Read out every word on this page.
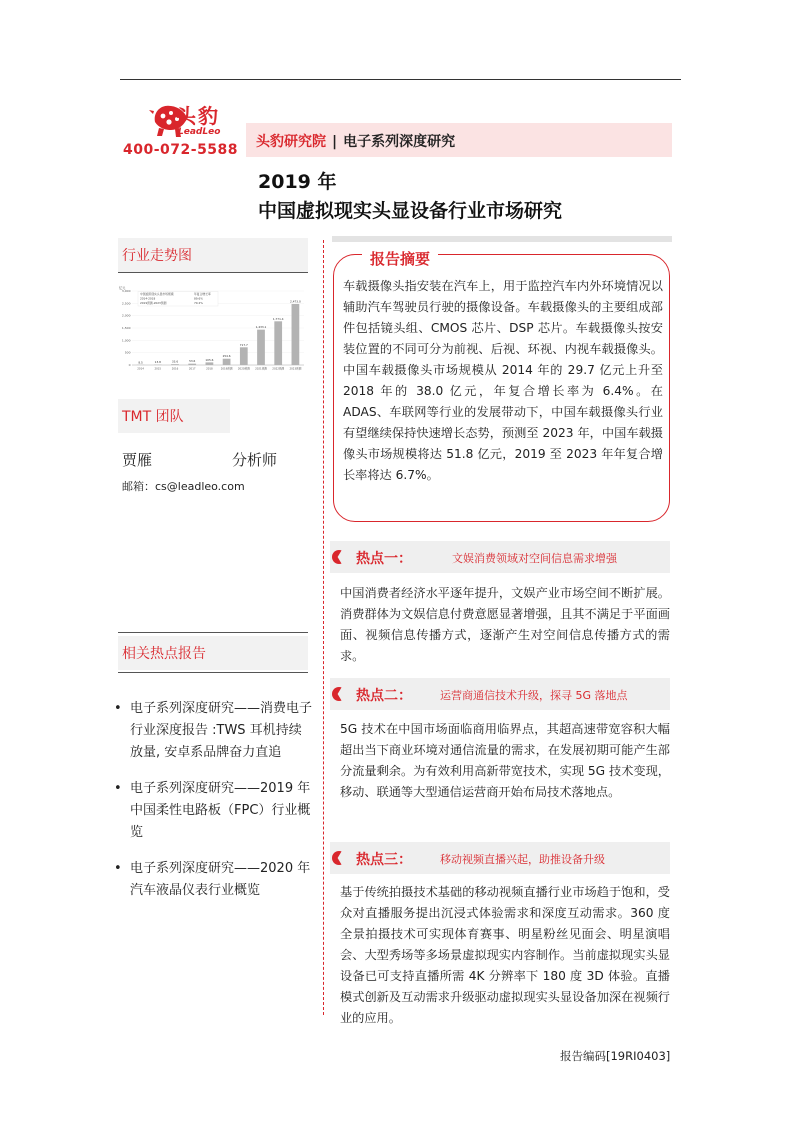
头豹
LeadLeo
400-072-5588 头豹研究院 | 电子系列深度研究
2019 年
中国虚拟现实头显设备行业市场研究
行业走势图
亿元
0
500
1,000
1,500
2,000
2,500
3,000
8.5
2014
13.8
2015
33.6
2016
53.6
2017
105.6
2018
254.6
2019预测
717.7
2020预测
1,433.1
2021预测
1,771.4
2022预测
2,473.0
2023预测
中国虚拟现实头显市场规模	年复合增长率
2014-2018	89.6%
2019预测-2023预测	70.2%
TMT 团队
贾雁	分析师
邮箱：cs@leadleo.com
相关热点报告
• 电子系列深度研究——消费电子行业深度报告 :TWS 耳机持续放量, 安卓系品牌奋力直追
• 电子系列深度研究——2019 年中国柔性电路板（FPC）行业概览
• 电子系列深度研究——2020 年汽车液晶仪表行业概览
报告摘要
车载摄像头指安装在汽车上，用于监控汽车内外环境情况以辅助汽车驾驶员行驶的摄像设备。车载摄像头的主要组成部件包括镜头组、CMOS 芯片、DSP 芯片。车载摄像头按安装位置的不同可分为前视、后视、环视、内视车载摄像头。中国车载摄像头市场规模从 2014 年的 29.7 亿元上升至 2018 年的 38.0 亿元，年复合增长率为 6.4%。在 ADAS、车联网等行业的发展带动下，中国车载摄像头行业有望继续保持快速增长态势，预测至 2023 年，中国车载摄像头市场规模将达 51.8 亿元，2019 至 2023 年年复合增长率将达 6.7%。
热点一：	文娱消费领域对空间信息需求增强
中国消费者经济水平逐年提升，文娱产业市场空间不断扩展。消费群体为文娱信息付费意愿显著增强，且其不满足于平面画面、视频信息传播方式，逐渐产生对空间信息传播方式的需求。
热点二：	运营商通信技术升级，探寻 5G 落地点
5G 技术在中国市场面临商用临界点，其超高速带宽容积大幅超出当下商业环境对通信流量的需求，在发展初期可能产生部分流量剩余。为有效利用高新带宽技术，实现 5G 技术变现，移动、联通等大型通信运营商开始布局技术落地点。
热点三：	移动视频直播兴起，助推设备升级
基于传统拍摄技术基础的移动视频直播行业市场趋于饱和，受众对直播服务提出沉浸式体验需求和深度互动需求。360 度全景拍摄技术可实现体育赛事、明星粉丝见面会、明星演唱会、大型秀场等多场景虚拟现实内容制作。当前虚拟现实头显设备已可支持直播所需 4K 分辨率下 180 度 3D 体验。直播模式创新及互动需求升级驱动虚拟现实头显设备加深在视频行业的应用。
报告编码[19RI0403]
